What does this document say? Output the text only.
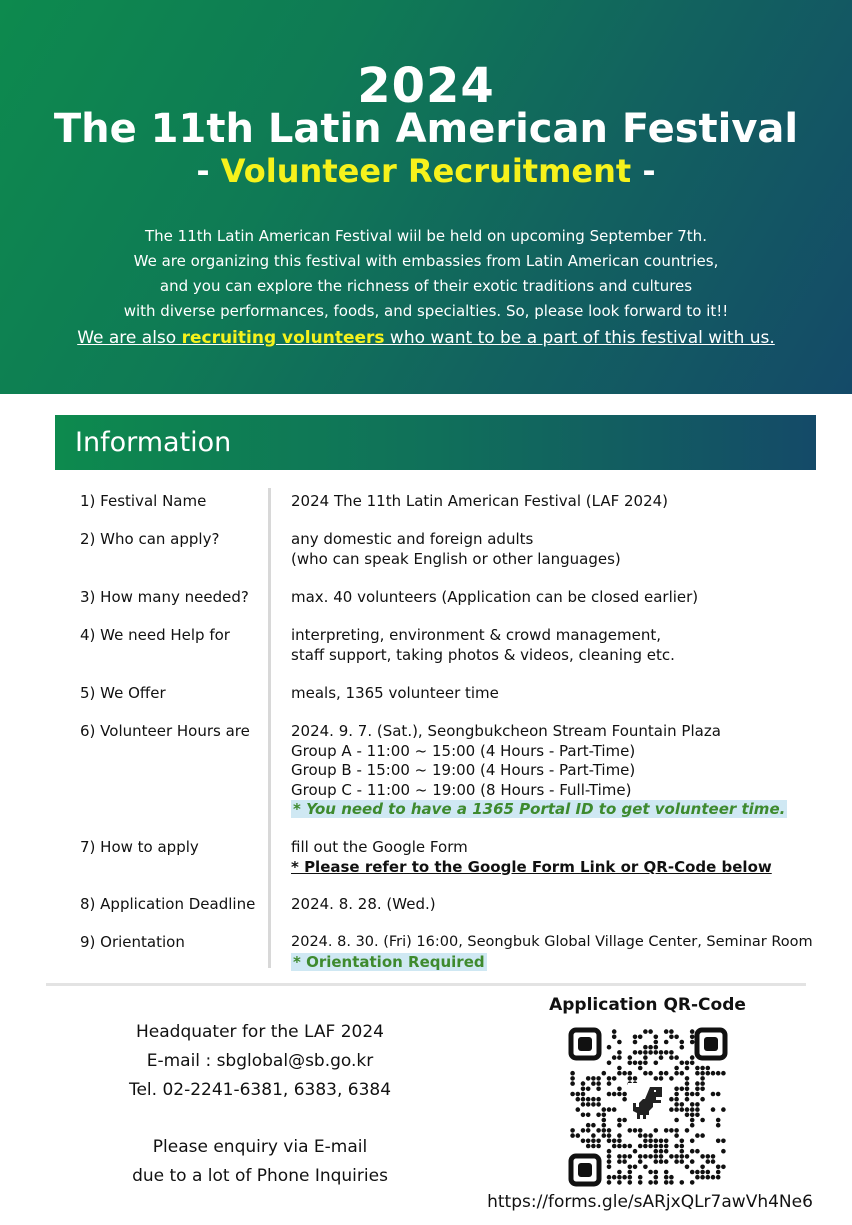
2024
The 11th Latin American Festival
- Volunteer Recruitment -
The 11th Latin American Festival wiil be held on upcoming September 7th.
We are organizing this festival with embassies from Latin American countries,
and you can explore the richness of their exotic traditions and cultures
with diverse performances, foods, and specialties. So, please look forward to it!!
We are also recruiting volunteers who want to be a part of this festival with us.
Information
1) Festival Name	2024 The 11th Latin American Festival (LAF 2024)
2) Who can apply?	any domestic and foreign adults
(who can speak English or other languages)
3) How many needed?	max. 40 volunteers (Application can be closed earlier)
4) We need Help for	interpreting, environment & crowd management,
staff support, taking photos & videos, cleaning etc.
5) We Offer	meals, 1365 volunteer time
6) Volunteer Hours are	2024. 9. 7. (Sat.), Seongbukcheon Stream Fountain Plaza
Group A - 11:00 ~ 15:00 (4 Hours - Part-Time)
Group B - 15:00 ~ 19:00 (4 Hours - Part-Time)
Group C - 11:00 ~ 19:00 (8 Hours - Full-Time)
* You need to have a 1365 Portal ID to get volunteer time.
7) How to apply	fill out the Google Form
* Please refer to the Google Form Link or QR-Code below
8) Application Deadline	2024. 8. 28. (Wed.)
9) Orientation	2024. 8. 30. (Fri) 16:00, Seongbuk Global Village Center, Seminar Room
* Orientation Required
Headquater for the LAF 2024
E-mail : sbglobal@sb.go.kr
Tel. 02-2241-6381, 6383, 6384
Please enquiry via E-mail
due to a lot of Phone Inquiries
Application QR-Code
https://forms.gle/sARjxQLr7awVh4Ne6
